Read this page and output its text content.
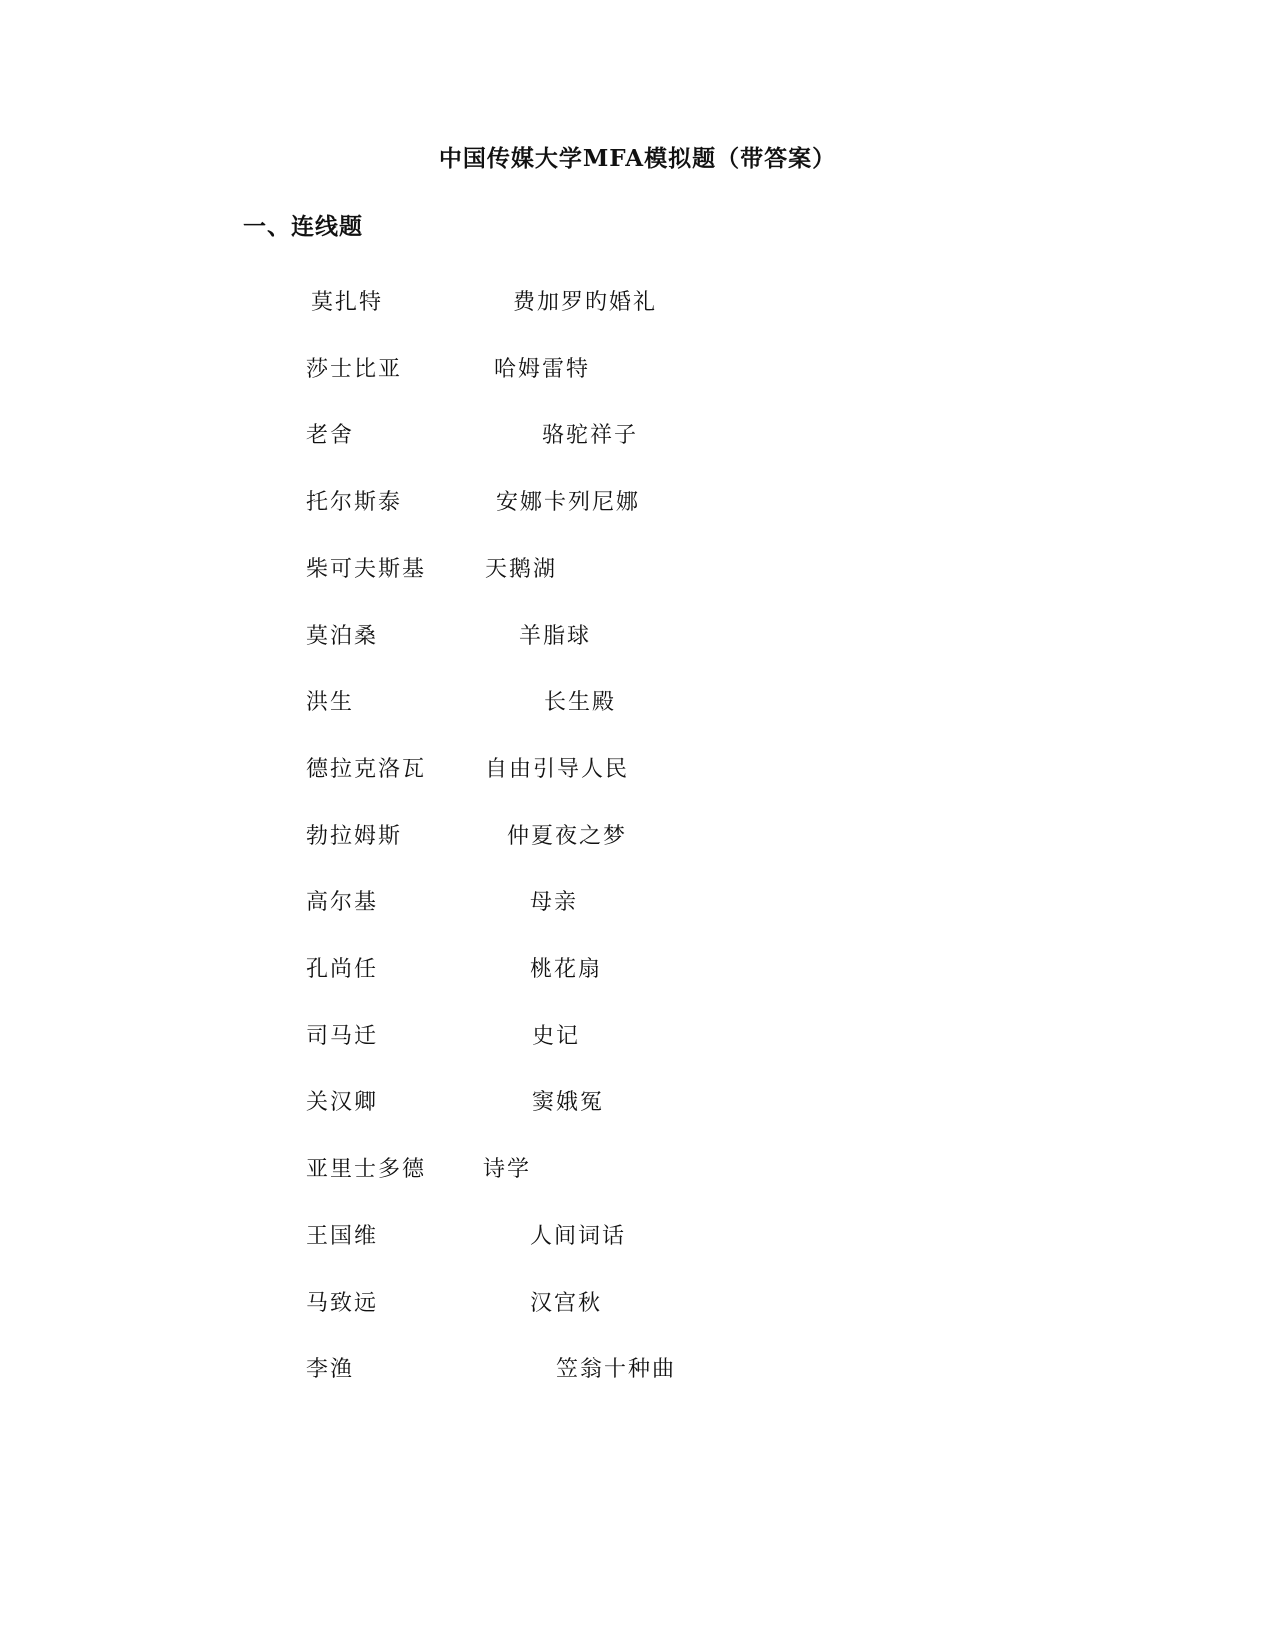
中国传媒大学MFA模拟题（带答案）
一、连线题
莫扎特	费加罗旳婚礼
莎士比亚	哈姆雷特
老舍	骆驼祥子
托尔斯泰	安娜卡列尼娜
柴可夫斯基	天鹅湖
莫泊桑	羊脂球
洪生	长生殿
德拉克洛瓦	自由引导人民
勃拉姆斯	仲夏夜之梦
高尔基	母亲
孔尚任	桃花扇
司马迁	史记
关汉卿	窦娥冤
亚里士多德	诗学
王国维	人间词话
马致远	汉宫秋
李渔	笠翁十种曲
